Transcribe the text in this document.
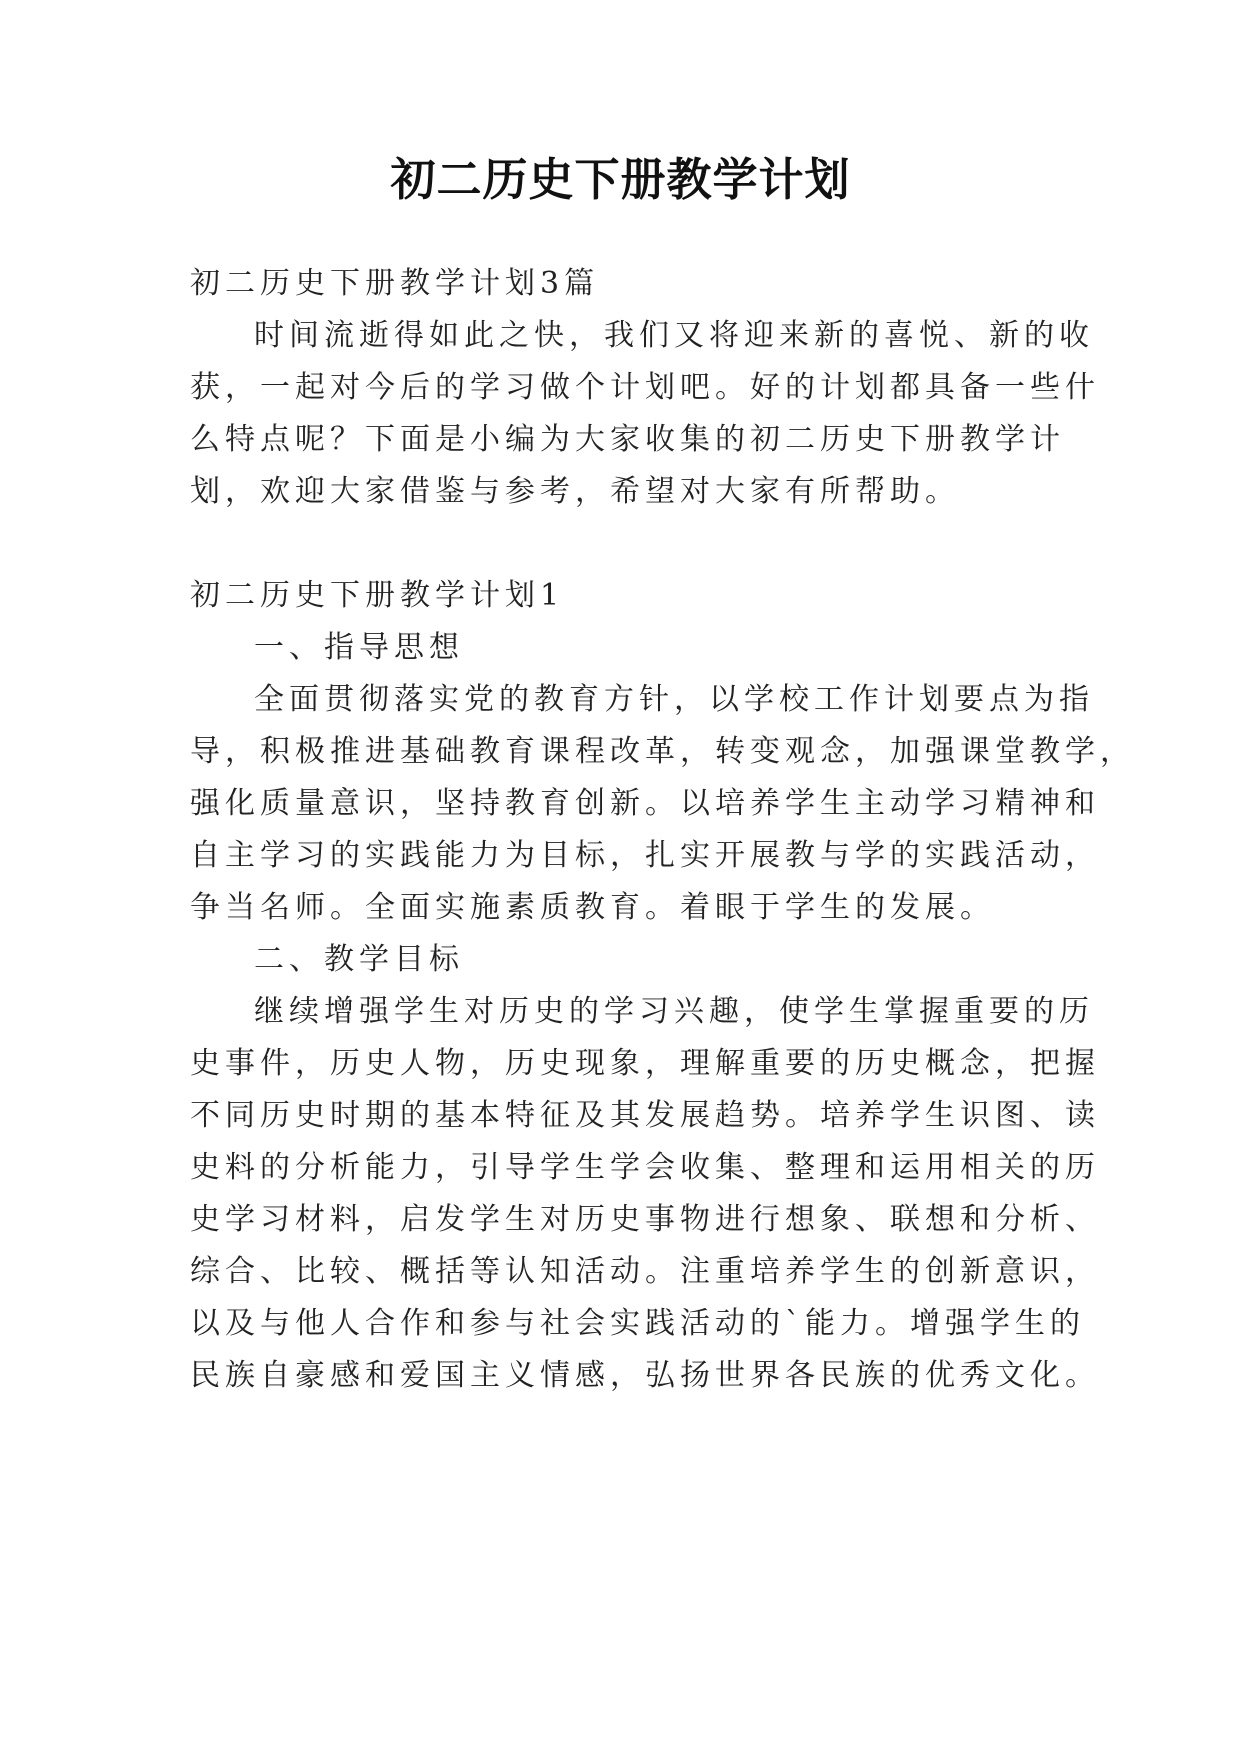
初二历史下册教学计划
初二历史下册教学计划3篇
时间流逝得如此之快，我们又将迎来新的喜悦、新的收
获，一起对今后的学习做个计划吧。好的计划都具备一些什
么特点呢？下面是小编为大家收集的初二历史下册教学计
划，欢迎大家借鉴与参考，希望对大家有所帮助。
初二历史下册教学计划1
一、指导思想
全面贯彻落实党的教育方针，以学校工作计划要点为指
导，积极推进基础教育课程改革，转变观念，加强课堂教学，
强化质量意识，坚持教育创新。以培养学生主动学习精神和
自主学习的实践能力为目标，扎实开展教与学的实践活动，
争当名师。全面实施素质教育。着眼于学生的发展。
二、教学目标
继续增强学生对历史的学习兴趣，使学生掌握重要的历
史事件，历史人物，历史现象，理解重要的历史概念，把握
不同历史时期的基本特征及其发展趋势。培养学生识图、读
史料的分析能力，引导学生学会收集、整理和运用相关的历
史学习材料，启发学生对历史事物进行想象、联想和分析、
综合、比较、概括等认知活动。注重培养学生的创新意识，
以及与他人合作和参与社会实践活动的`能力。增强学生的
民族自豪感和爱国主义情感，弘扬世界各民族的优秀文化。
